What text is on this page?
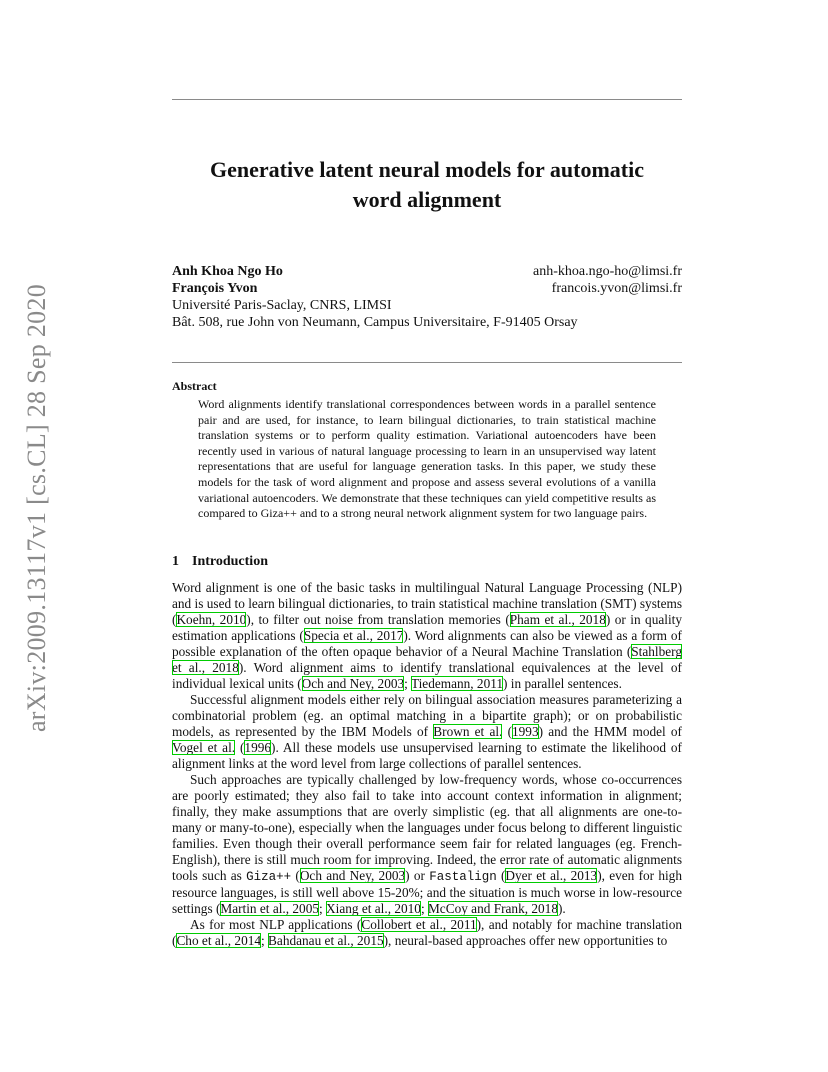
arXiv:2009.13117v1 [cs.CL] 28 Sep 2020
Generative latent neural models for automatic
word alignment
Anh Khoa Ngo Ho	anh-khoa.ngo-ho@limsi.fr
François Yvon	francois.yvon@limsi.fr
Université Paris-Saclay, CNRS, LIMSI
Bât. 508, rue John von Neumann, Campus Universitaire, F-91405 Orsay
Abstract

Word alignments identify translational correspondences between words in a parallel sentence pair and are used, for instance, to learn bilingual dictionaries, to train statistical machine translation systems or to perform quality estimation. Variational autoencoders have been recently used in various of natural language processing to learn in an unsupervised way latent representations that are useful for language generation tasks. In this paper, we study these models for the task of word alignment and propose and assess several evolutions of a vanilla variational autoencoders. We demonstrate that these techniques can yield competitive results as compared to Giza++ and to a strong neural network alignment system for two language pairs.

1 Introduction

Word alignment is one of the basic tasks in multilingual Natural Language Processing (NLP) and is used to learn bilingual dictionaries, to train statistical machine translation (SMT) systems (Koehn, 2010), to filter out noise from translation memories (Pham et al., 2018) or in quality estimation applications (Specia et al., 2017). Word alignments can also be viewed as a form of possible explanation of the often opaque behavior of a Neural Machine Translation (Stahlberg et al., 2018). Word alignment aims to identify translational equivalences at the level of individual lexical units (Och and Ney, 2003; Tiedemann, 2011) in parallel sentences.

Successful alignment models either rely on bilingual association measures parameterizing a combinatorial problem (eg. an optimal matching in a bipartite graph); or on probabilistic models, as represented by the IBM Models of Brown et al. (1993) and the HMM model of Vogel et al. (1996). All these models use unsupervised learning to estimate the likelihood of alignment links at the word level from large collections of parallel sentences.

Such approaches are typically challenged by low-frequency words, whose co-occurrences are poorly estimated; they also fail to take into account context information in alignment; finally, they make assumptions that are overly simplistic (eg. that all alignments are one-to-many or many-to-one), especially when the languages under focus belong to different linguistic families. Even though their overall performance seem fair for related languages (eg. French-English), there is still much room for improving. Indeed, the error rate of automatic alignments tools such as Giza++ (Och and Ney, 2003) or Fastalign (Dyer et al., 2013), even for high resource languages, is still well above 15-20%; and the situation is much worse in low-resource settings (Martin et al., 2005; Xiang et al., 2010; McCoy and Frank, 2018).

As for most NLP applications (Collobert et al., 2011), and notably for machine translation (Cho et al., 2014; Bahdanau et al., 2015), neural-based approaches offer new opportunities to
